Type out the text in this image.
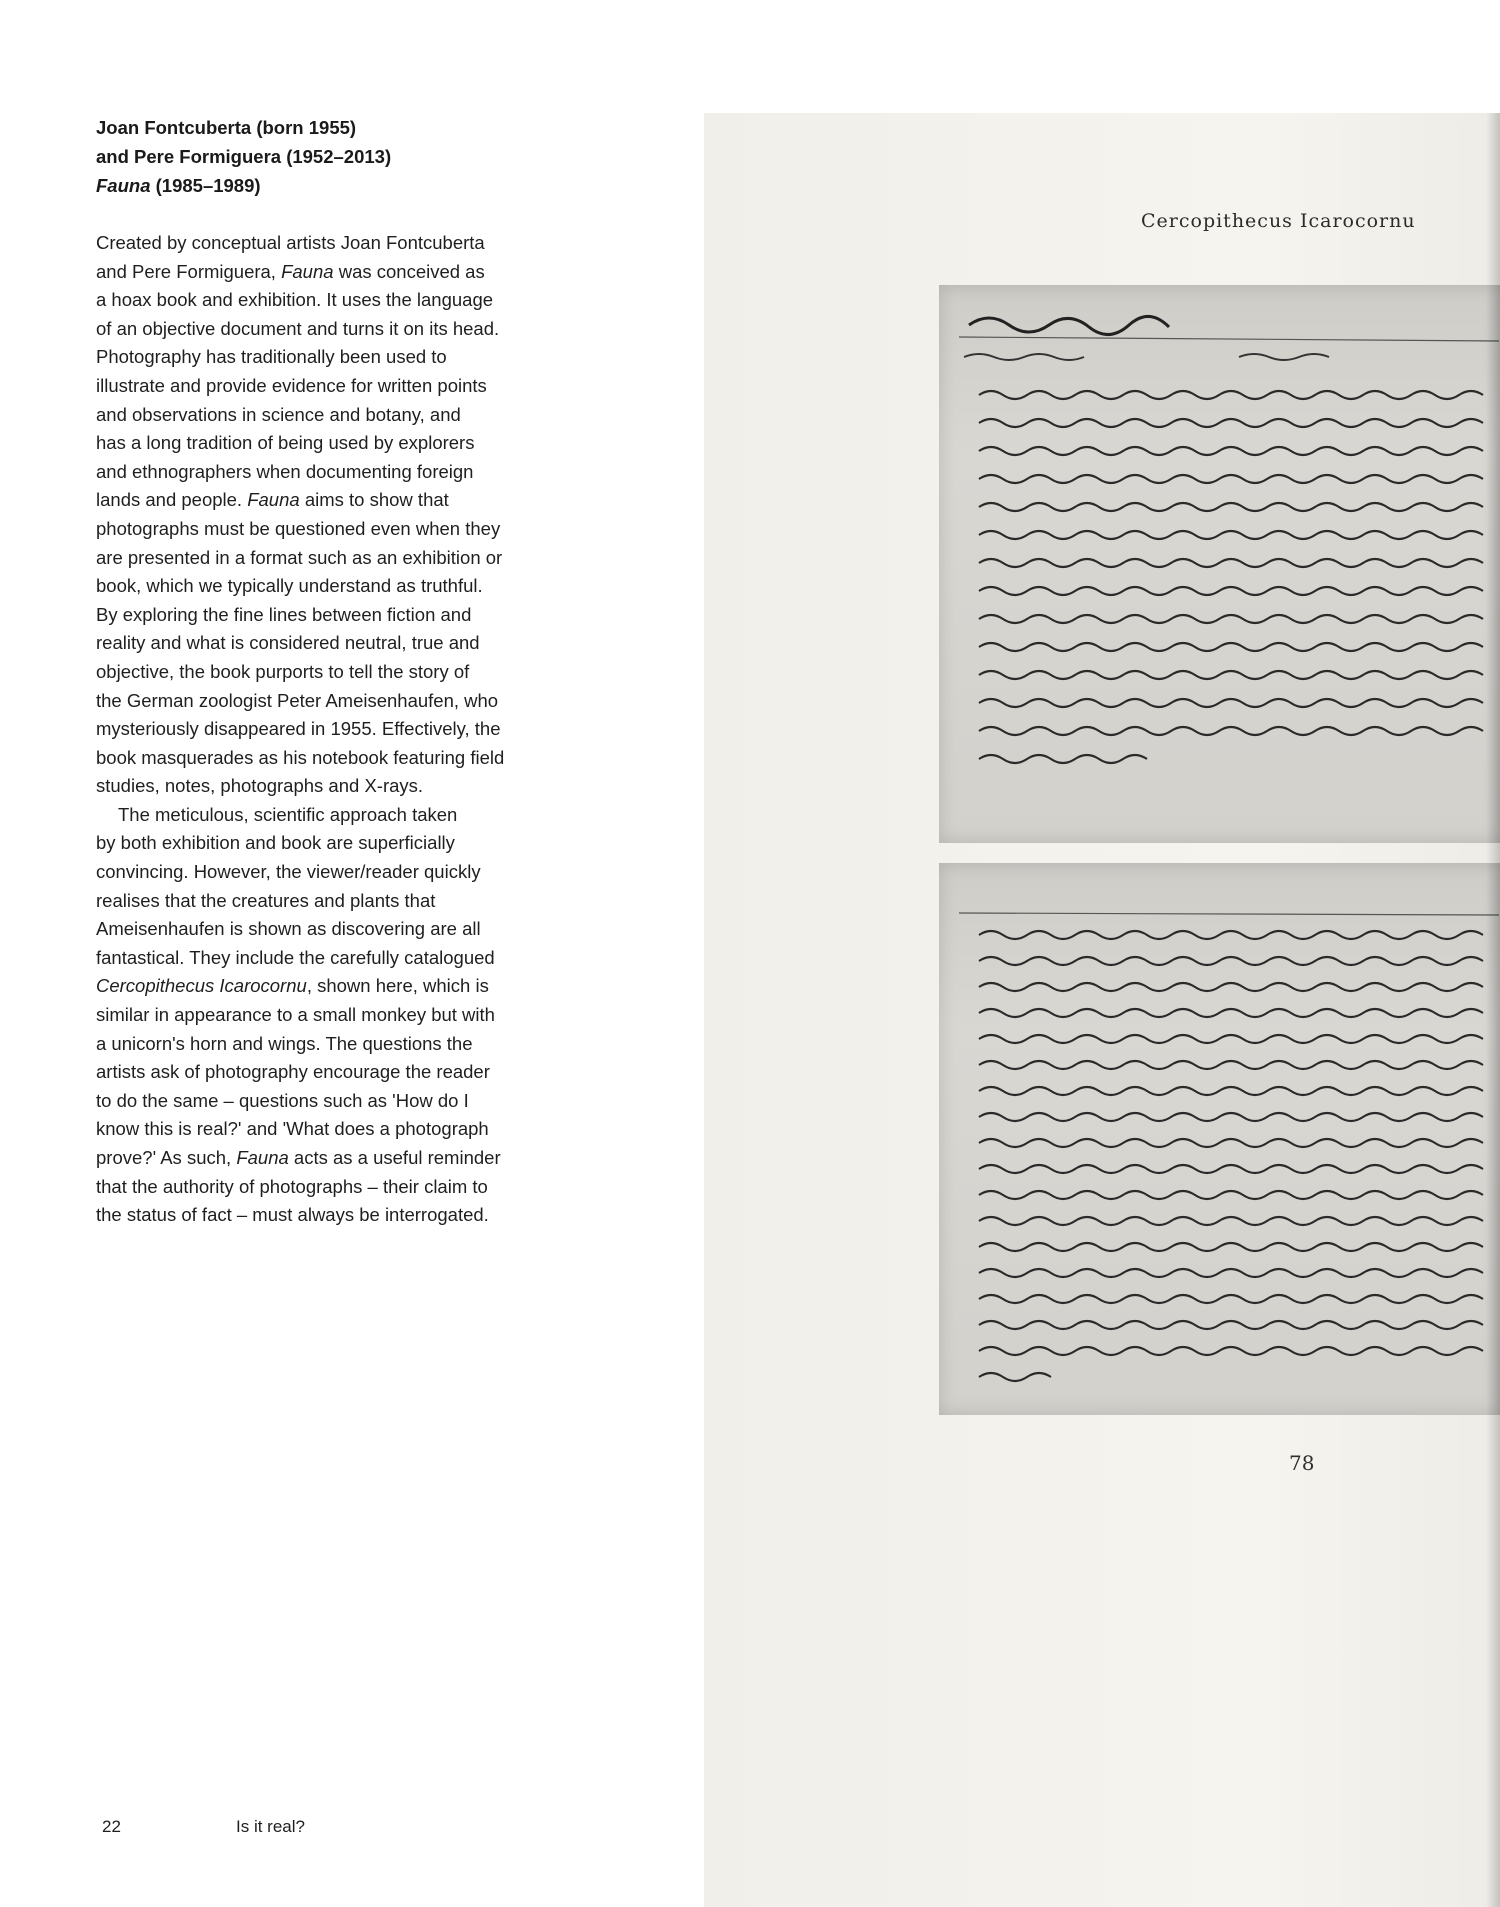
Joan Fontcuberta (born 1955)
and Pere Formiguera (1952–2013)
Fauna (1985–1989)
Created by conceptual artists Joan Fontcuberta
and Pere Formiguera, Fauna was conceived as
a hoax book and exhibition. It uses the language
of an objective document and turns it on its head.
Photography has traditionally been used to
illustrate and provide evidence for written points
and observations in science and botany, and
has a long tradition of being used by explorers
and ethnographers when documenting foreign
lands and people. Fauna aims to show that
photographs must be questioned even when they
are presented in a format such as an exhibition or
book, which we typically understand as truthful.
By exploring the fine lines between fiction and
reality and what is considered neutral, true and
objective, the book purports to tell the story of
the German zoologist Peter Ameisenhaufen, who
mysteriously disappeared in 1955. Effectively, the
book masquerades as his notebook featuring field
studies, notes, photographs and X-rays.
The meticulous, scientific approach taken
by both exhibition and book are superficially
convincing. However, the viewer/reader quickly
realises that the creatures and plants that
Ameisenhaufen is shown as discovering are all
fantastical. They include the carefully catalogued
Cercopithecus Icarocornu, shown here, which is
similar in appearance to a small monkey but with
a unicorn's horn and wings. The questions the
artists ask of photography encourage the reader
to do the same – questions such as 'How do I
know this is real?' and 'What does a photograph
prove?' As such, Fauna acts as a useful reminder
that the authority of photographs – their claim to
the status of fact – must always be interrogated.
Cercopithecus Icarocornu
78
22	Is it real?
